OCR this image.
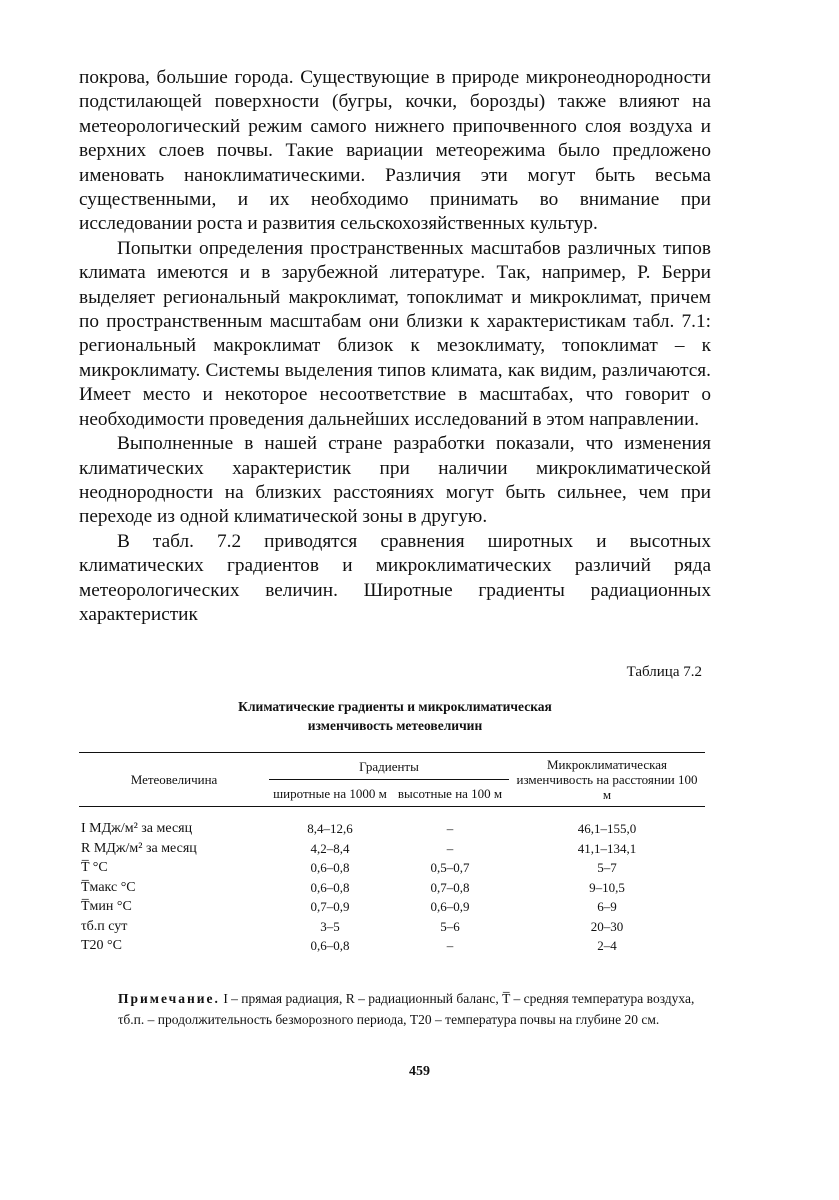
покрова, большие города. Существующие в природе микронеоднородности подстилающей поверхности (бугры, кочки, борозды) также влияют на метеорологический режим самого нижнего припочвенного слоя воздуха и верхних слоев почвы. Такие вариации метеорежима было предложено именовать наноклиматическими. Различия эти могут быть весьма существенными, и их необходимо принимать во внимание при исследовании роста и развития сельскохозяйственных культур.

Попытки определения пространственных масштабов различных типов климата имеются и в зарубежной литературе. Так, например, Р. Берри выделяет региональный макроклимат, топоклимат и микроклимат, причем по пространственным масштабам они близки к характеристикам табл. 7.1: региональный макроклимат близок к мезоклимату, топоклимат – к микроклимату. Системы выделения типов климата, как видим, различаются. Имеет место и некоторое несоответствие в масштабах, что говорит о необходимости проведения дальнейших исследований в этом направлении.

Выполненные в нашей стране разработки показали, что изменения климатических характеристик при наличии микроклиматической неоднородности на близких расстояниях могут быть сильнее, чем при переходе из одной климатической зоны в другую.

В табл. 7.2 приводятся сравнения широтных и высотных климатических градиентов и микроклиматических различий ряда метеорологических величин. Широтные градиенты радиационных характеристик

Таблица 7.2
Климатические градиенты и микроклиматическая
изменчивость метеовеличин
Метеовеличина	Градиенты		Микроклиматическая изменчивость на расстоянии 100 м
	широтные на 1000 м	высотные на 100 м	
I МДж/м² за месяц	8,4–12,6	–	46,1–155,0
R МДж/м² за месяц	4,2–8,4	–	41,1–134,1
T̅ °C	0,6–0,8	0,5–0,7	5–7
T̅макс °C	0,6–0,8	0,7–0,8	9–10,5
T̅мин °C	0,7–0,9	0,6–0,9	6–9
τб.п сут	3–5	5–6	20–30
T20 °C	0,6–0,8	–	2–4
Примечание. I – прямая радиация, R – радиационный баланс, T̅ – средняя температура воздуха, τб.п. – продолжительность безморозного периода, T20 – температура почвы на глубине 20 см.
459
